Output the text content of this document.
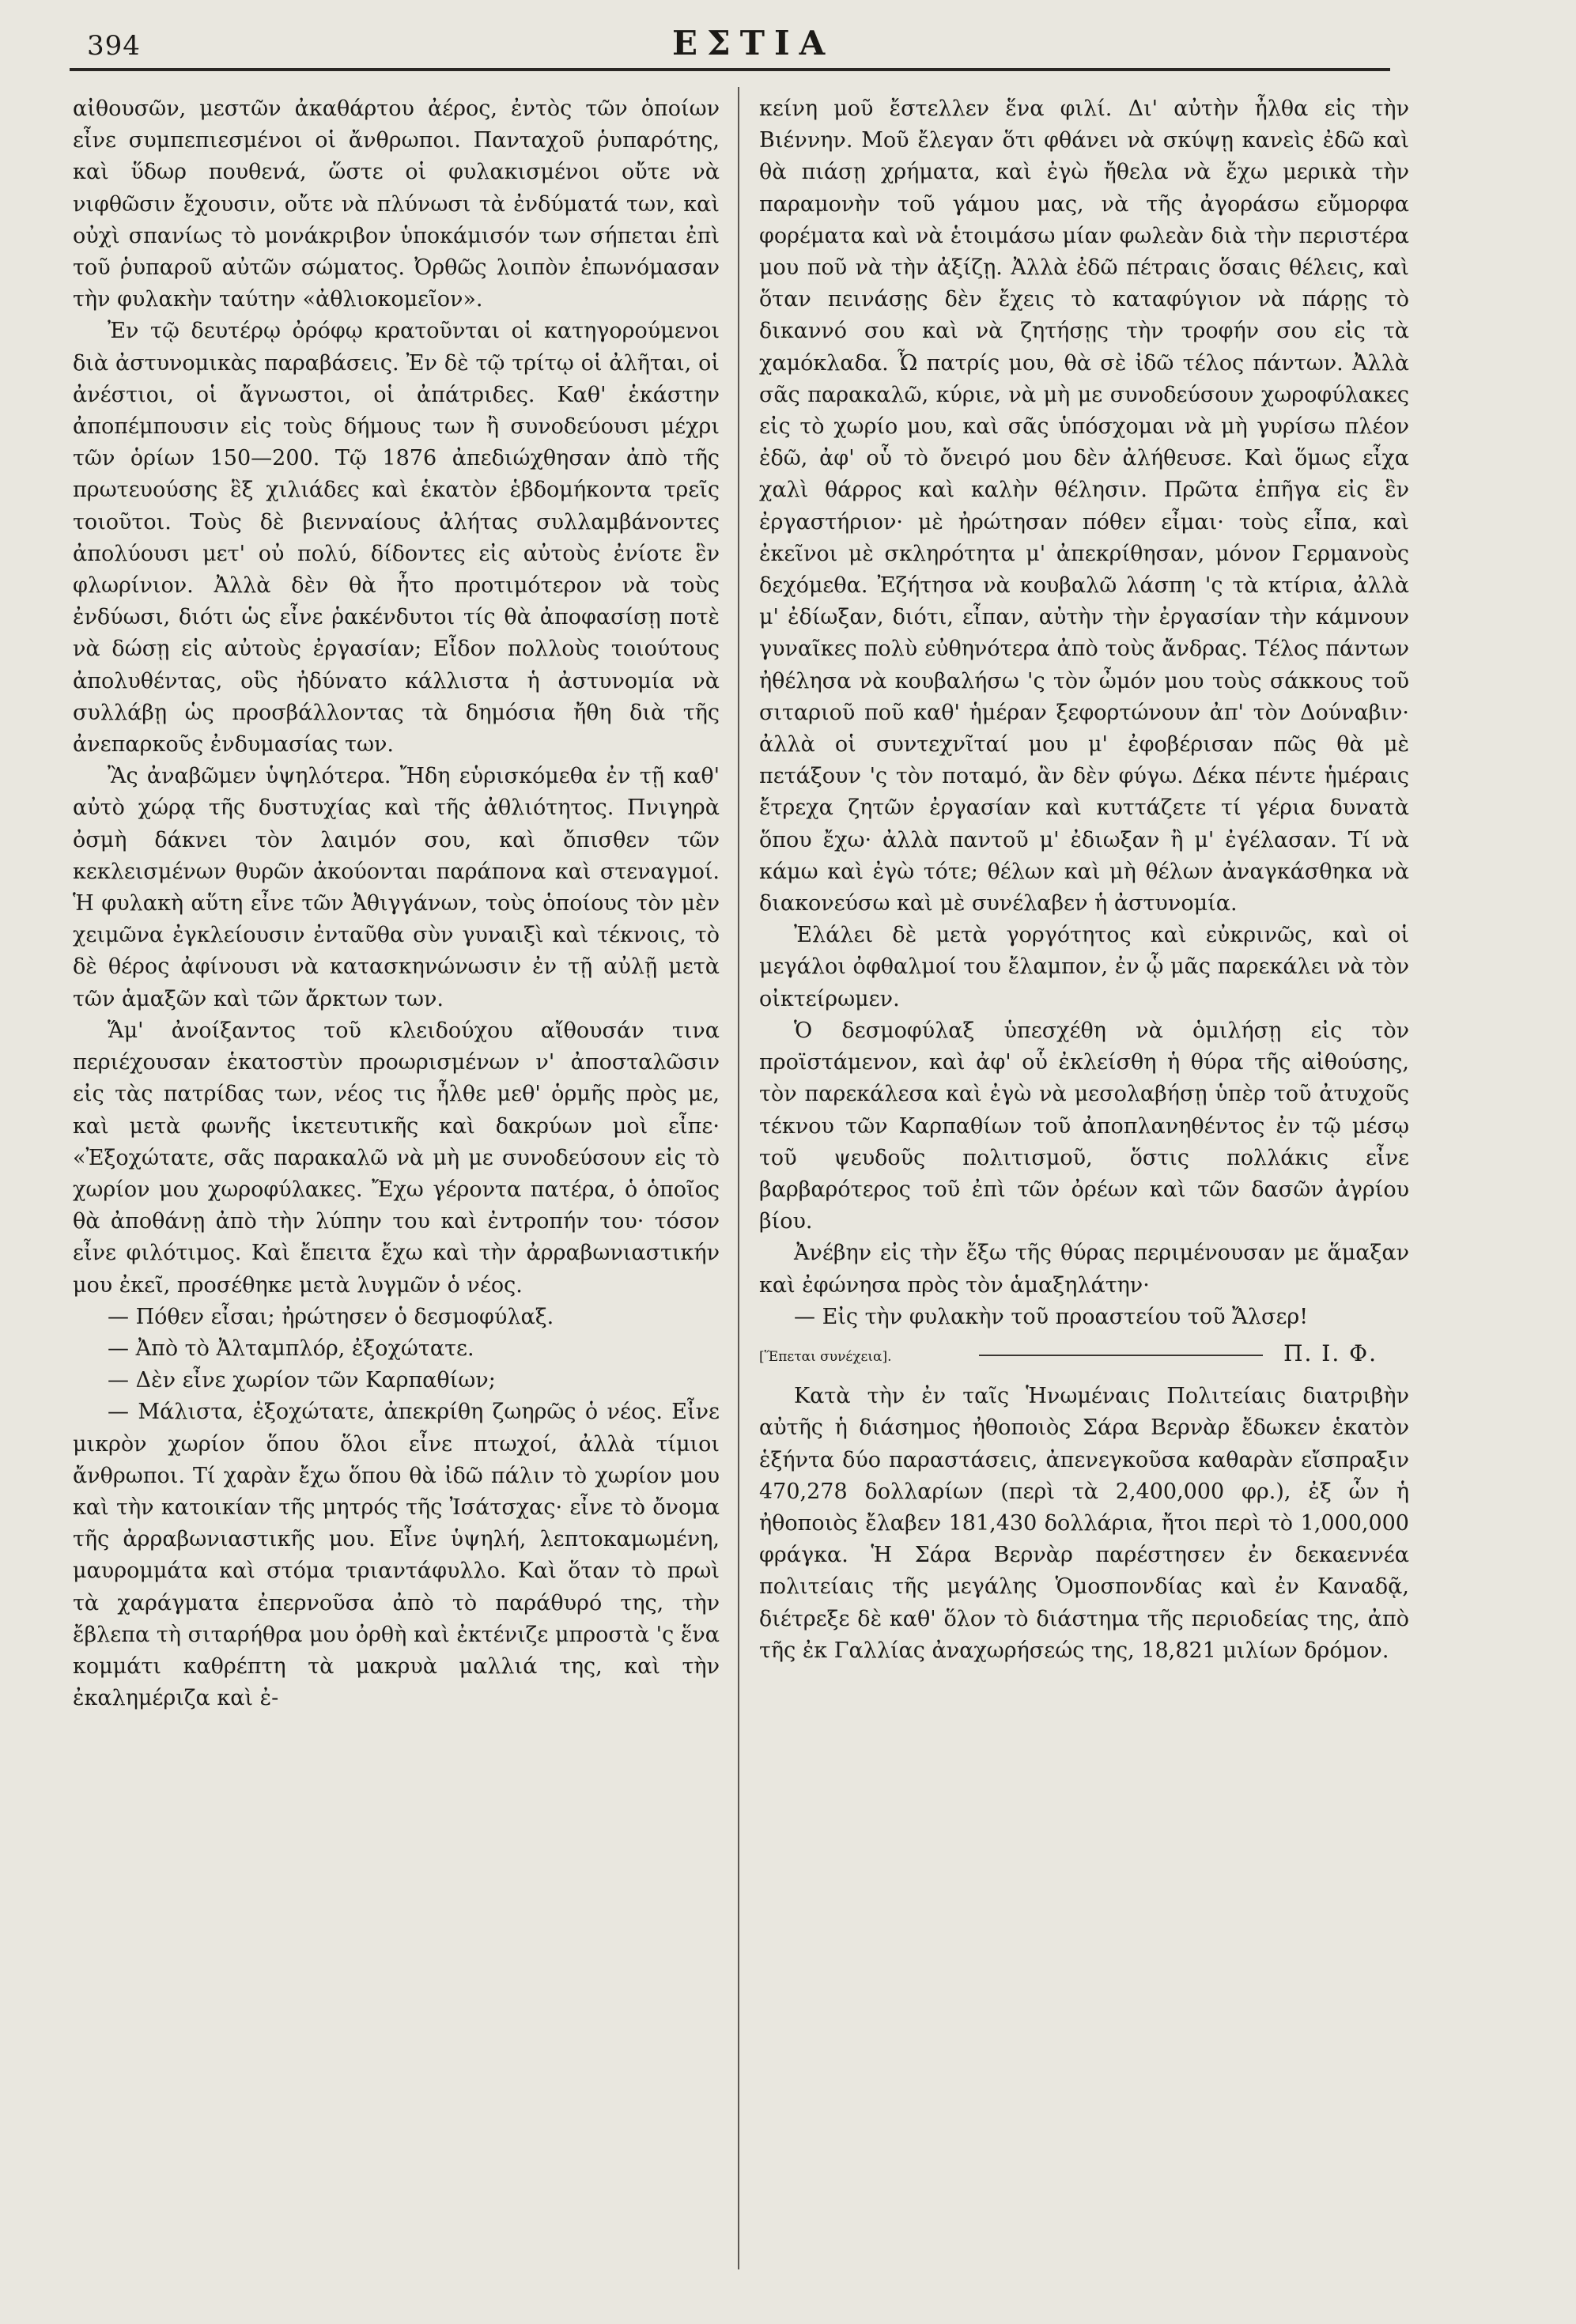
394	ΕΣΤΙΑ

αἰθουσῶν, μεστῶν ἀκαθάρτου ἀέρος, ἐντὸς τῶν ὁποίων εἶνε συμπεπιεσμένοι οἱ ἄνθρωποι. Πανταχοῦ ῥυπαρότης, καὶ ὕδωρ πουθενά, ὥστε οἱ φυλακισμένοι οὔτε νὰ νιφθῶσιν ἔχουσιν, οὔτε νὰ πλύνωσι τὰ ἐνδύματά των, καὶ οὐχὶ σπανίως τὸ μονάκριβον ὑποκάμισόν των σήπεται ἐπὶ τοῦ ῥυπαροῦ αὐτῶν σώματος. Ὀρθῶς λοιπὸν ἐπωνόμασαν τὴν φυλακὴν ταύτην «ἀθλιοκομεῖον».

Ἐν τῷ δευτέρῳ ὀρόφῳ κρατοῦνται οἱ κατηγορούμενοι διὰ ἀστυνομικὰς παραβάσεις. Ἐν δὲ τῷ τρίτῳ οἱ ἀλῆται, οἱ ἀνέστιοι, οἱ ἄγνωστοι, οἱ ἀπάτριδες. Καθ' ἑκάστην ἀποπέμπουσιν εἰς τοὺς δήμους των ἢ συνοδεύουσι μέχρι τῶν ὁρίων 150—200. Τῷ 1876 ἀπεδιώχθησαν ἀπὸ τῆς πρωτευούσης ἓξ χιλιάδες καὶ ἑκατὸν ἑβδομήκοντα τρεῖς τοιοῦτοι. Τοὺς δὲ βιενναίους ἀλήτας συλλαμβάνοντες ἀπολύουσι μετ' οὐ πολύ, δίδοντες εἰς αὐτοὺς ἐνίοτε ἓν φλωρίνιον. Ἀλλὰ δὲν θὰ ἦτο προτιμότερον νὰ τοὺς ἐνδύωσι, διότι ὡς εἶνε ῥακένδυτοι τίς θὰ ἀποφασίσῃ ποτὲ νὰ δώσῃ εἰς αὐτοὺς ἐργασίαν; Εἶδον πολλοὺς τοιούτους ἀπολυθέντας, οὓς ἠδύνατο κάλλιστα ἡ ἀστυνομία νὰ συλλάβῃ ὡς προσβάλλοντας τὰ δημόσια ἤθη διὰ τῆς ἀνεπαρκοῦς ἐνδυμασίας των.

Ἂς ἀναβῶμεν ὑψηλότερα. Ἤδη εὑρισκόμεθα ἐν τῇ καθ' αὐτὸ χώρᾳ τῆς δυστυχίας καὶ τῆς ἀθλιότητος. Πνιγηρὰ ὀσμὴ δάκνει τὸν λαιμόν σου, καὶ ὄπισθεν τῶν κεκλεισμένων θυρῶν ἀκούονται παράπονα καὶ στεναγμοί. Ἡ φυλακὴ αὕτη εἶνε τῶν Ἀθιγγάνων, τοὺς ὁποίους τὸν μὲν χειμῶνα ἐγκλείουσιν ἐνταῦθα σὺν γυναιξὶ καὶ τέκνοις, τὸ δὲ θέρος ἀφίνουσι νὰ κατασκηνώνωσιν ἐν τῇ αὐλῇ μετὰ τῶν ἁμαξῶν καὶ τῶν ἄρκτων των.

Ἅμ' ἀνοίξαντος τοῦ κλειδούχου αἴθουσάν τινα περιέχουσαν ἑκατοστὺν προωρισμένων ν' ἀποσταλῶσιν εἰς τὰς πατρίδας των, νέος τις ἦλθε μεθ' ὁρμῆς πρὸς με, καὶ μετὰ φωνῆς ἱκετευτικῆς καὶ δακρύων μοὶ εἶπε· «Ἐξοχώτατε, σᾶς παρακαλῶ νὰ μὴ με συνοδεύσουν εἰς τὸ χωρίον μου χωροφύλακες. Ἔχω γέροντα πατέρα, ὁ ὁποῖος θὰ ἀποθάνῃ ἀπὸ τὴν λύπην του καὶ ἐντροπήν του· τόσον εἶνε φιλότιμος. Καὶ ἔπειτα ἔχω καὶ τὴν ἀρραβωνιαστικήν μου ἐκεῖ, προσέθηκε μετὰ λυγμῶν ὁ νέος.

— Πόθεν εἶσαι; ἠρώτησεν ὁ δεσμοφύλαξ.

— Ἀπὸ τὸ Ἀλταμπλόρ, ἐξοχώτατε.

— Δὲν εἶνε χωρίον τῶν Καρπαθίων;

— Μάλιστα, ἐξοχώτατε, ἀπεκρίθη ζωηρῶς ὁ νέος. Εἶνε μικρὸν χωρίον ὅπου ὅλοι εἶνε πτωχοί, ἀλλὰ τίμιοι ἄνθρωποι. Τί χαρὰν ἔχω ὅπου θὰ ἰδῶ πάλιν τὸ χωρίον μου καὶ τὴν κατοικίαν τῆς μητρός τῆς Ἰσάτσχας· εἶνε τὸ ὄνομα τῆς ἀρραβωνιαστικῆς μου. Εἶνε ὑψηλή, λεπτοκαμωμένη, μαυρομμάτα καὶ στόμα τριαντάφυλλο. Καὶ ὅταν τὸ πρωὶ τὰ χαράγματα ἐπερνοῦσα ἀπὸ τὸ παράθυρό της, τὴν ἔβλεπα τὴ σιταρήθρα μου ὀρθὴ καὶ ἐκτένιζε μπροστὰ 'ς ἕνα κομμάτι καθρέπτη τὰ μακρυὰ μαλλιά της, καὶ τὴν ἐκαλημέριζα καὶ ἐ-

κείνη μοῦ ἔστελλεν ἕνα φιλί. Δι' αὐτὴν ἦλθα εἰς τὴν Βιέννην. Μοῦ ἔλεγαν ὅτι φθάνει νὰ σκύψῃ κανεὶς ἐδῶ καὶ θὰ πιάσῃ χρήματα, καὶ ἐγὼ ἤθελα νὰ ἔχω μερικὰ τὴν παραμονὴν τοῦ γάμου μας, νὰ τῆς ἀγοράσω εὔμορφα φορέματα καὶ νὰ ἑτοιμάσω μίαν φωλεὰν διὰ τὴν περιστέρα μου ποῦ νὰ τὴν ἀξίζῃ. Ἀλλὰ ἐδῶ πέτραις ὅσαις θέλεις, καὶ ὅταν πεινάσῃς δὲν ἔχεις τὸ καταφύγιον νὰ πάρῃς τὸ δικαννό σου καὶ νὰ ζητήσῃς τὴν τροφήν σου εἰς τὰ χαμόκλαδα. Ὦ πατρίς μου, θὰ σὲ ἰδῶ τέλος πάντων. Ἀλλὰ σᾶς παρακαλῶ, κύριε, νὰ μὴ με συνοδεύσουν χωροφύλακες εἰς τὸ χωρίο μου, καὶ σᾶς ὑπόσχομαι νὰ μὴ γυρίσω πλέον ἐδῶ, ἀφ' οὗ τὸ ὄνειρό μου δὲν ἀλήθευσε. Καὶ ὅμως εἶχα χαλὶ θάρρος καὶ καλὴν θέλησιν. Πρῶτα ἐπῆγα εἰς ἓν ἐργαστήριον· μὲ ἠρώτησαν πόθεν εἶμαι· τοὺς εἶπα, καὶ ἐκεῖνοι μὲ σκληρότητα μ' ἀπεκρίθησαν, μόνον Γερμανοὺς δεχόμεθα. Ἐζήτησα νὰ κουβαλῶ λάσπη 'ς τὰ κτίρια, ἀλλὰ μ' ἐδίωξαν, διότι, εἶπαν, αὐτὴν τὴν ἐργασίαν τὴν κάμνουν γυναῖκες πολὺ εὐθηνότερα ἀπὸ τοὺς ἄνδρας. Τέλος πάντων ἠθέλησα νὰ κουβαλήσω 'ς τὸν ὦμόν μου τοὺς σάκκους τοῦ σιταριοῦ ποῦ καθ' ἡμέραν ξεφορτώνουν ἀπ' τὸν Δούναβιν· ἀλλὰ οἱ συντεχνῖταί μου μ' ἐφοβέρισαν πῶς θὰ μὲ πετάξουν 'ς τὸν ποταμό, ἂν δὲν φύγω. Δέκα πέντε ἡμέραις ἔτρεχα ζητῶν ἐργασίαν καὶ κυττάζετε τί γέρια δυνατὰ ὅπου ἔχω· ἀλλὰ παντοῦ μ' ἐδιωξαν ἢ μ' ἐγέλασαν. Τί νὰ κάμω καὶ ἐγὼ τότε; θέλων καὶ μὴ θέλων ἀναγκάσθηκα νὰ διακονεύσω καὶ μὲ συνέλαβεν ἡ ἀστυνομία.

Ἐλάλει δὲ μετὰ γοργότητος καὶ εὐκρινῶς, καὶ οἱ μεγάλοι ὀφθαλμοί του ἔλαμπον, ἐν ᾧ μᾶς παρεκάλει νὰ τὸν οἰκτείρωμεν.

Ὁ δεσμοφύλαξ ὑπεσχέθη νὰ ὁμιλήσῃ εἰς τὸν προϊστάμενον, καὶ ἀφ' οὗ ἐκλείσθη ἡ θύρα τῆς αἰθούσης, τὸν παρεκάλεσα καὶ ἐγὼ νὰ μεσολαβήσῃ ὑπὲρ τοῦ ἀτυχοῦς τέκνου τῶν Καρπαθίων τοῦ ἀποπλανηθέντος ἐν τῷ μέσῳ τοῦ ψευδοῦς πολιτισμοῦ, ὅστις πολλάκις εἶνε βαρβαρότερος τοῦ ἐπὶ τῶν ὀρέων καὶ τῶν δασῶν ἀγρίου βίου.

Ἀνέβην εἰς τὴν ἔξω τῆς θύρας περιμένουσαν με ἅμαξαν καὶ ἐφώνησα πρὸς τὸν ἁμαξηλάτην·

— Εἰς τὴν φυλακὴν τοῦ προαστείου τοῦ Ἄλσερ!

[Ἕπεται συνέχεια].	Π. Ι. Φ.

Κατὰ τὴν ἐν ταῖς Ἡνωμέναις Πολιτείαις διατριβὴν αὐτῆς ἡ διάσημος ἠθοποιὸς Σάρα Βερνὰρ ἔδωκεν ἑκατὸν ἑξήντα δύο παραστάσεις, ἀπενεγκοῦσα καθαρὰν εἴσπραξιν 470,278 δολλαρίων (περὶ τὰ 2,400,000 φρ.), ἐξ ὧν ἡ ἠθοποιὸς ἔλαβεν 181,430 δολλάρια, ἤτοι περὶ τὸ 1,000,000 φράγκα. Ἡ Σάρα Βερνὰρ παρέστησεν ἐν δεκαεννέα πολιτείαις τῆς μεγάλης Ὁμοσπονδίας καὶ ἐν Καναδᾷ, διέτρεξε δὲ καθ' ὅλον τὸ διάστημα τῆς περιοδείας της, ἀπὸ τῆς ἐκ Γαλλίας ἀναχωρήσεώς της, 18,821 μιλίων δρόμον.
